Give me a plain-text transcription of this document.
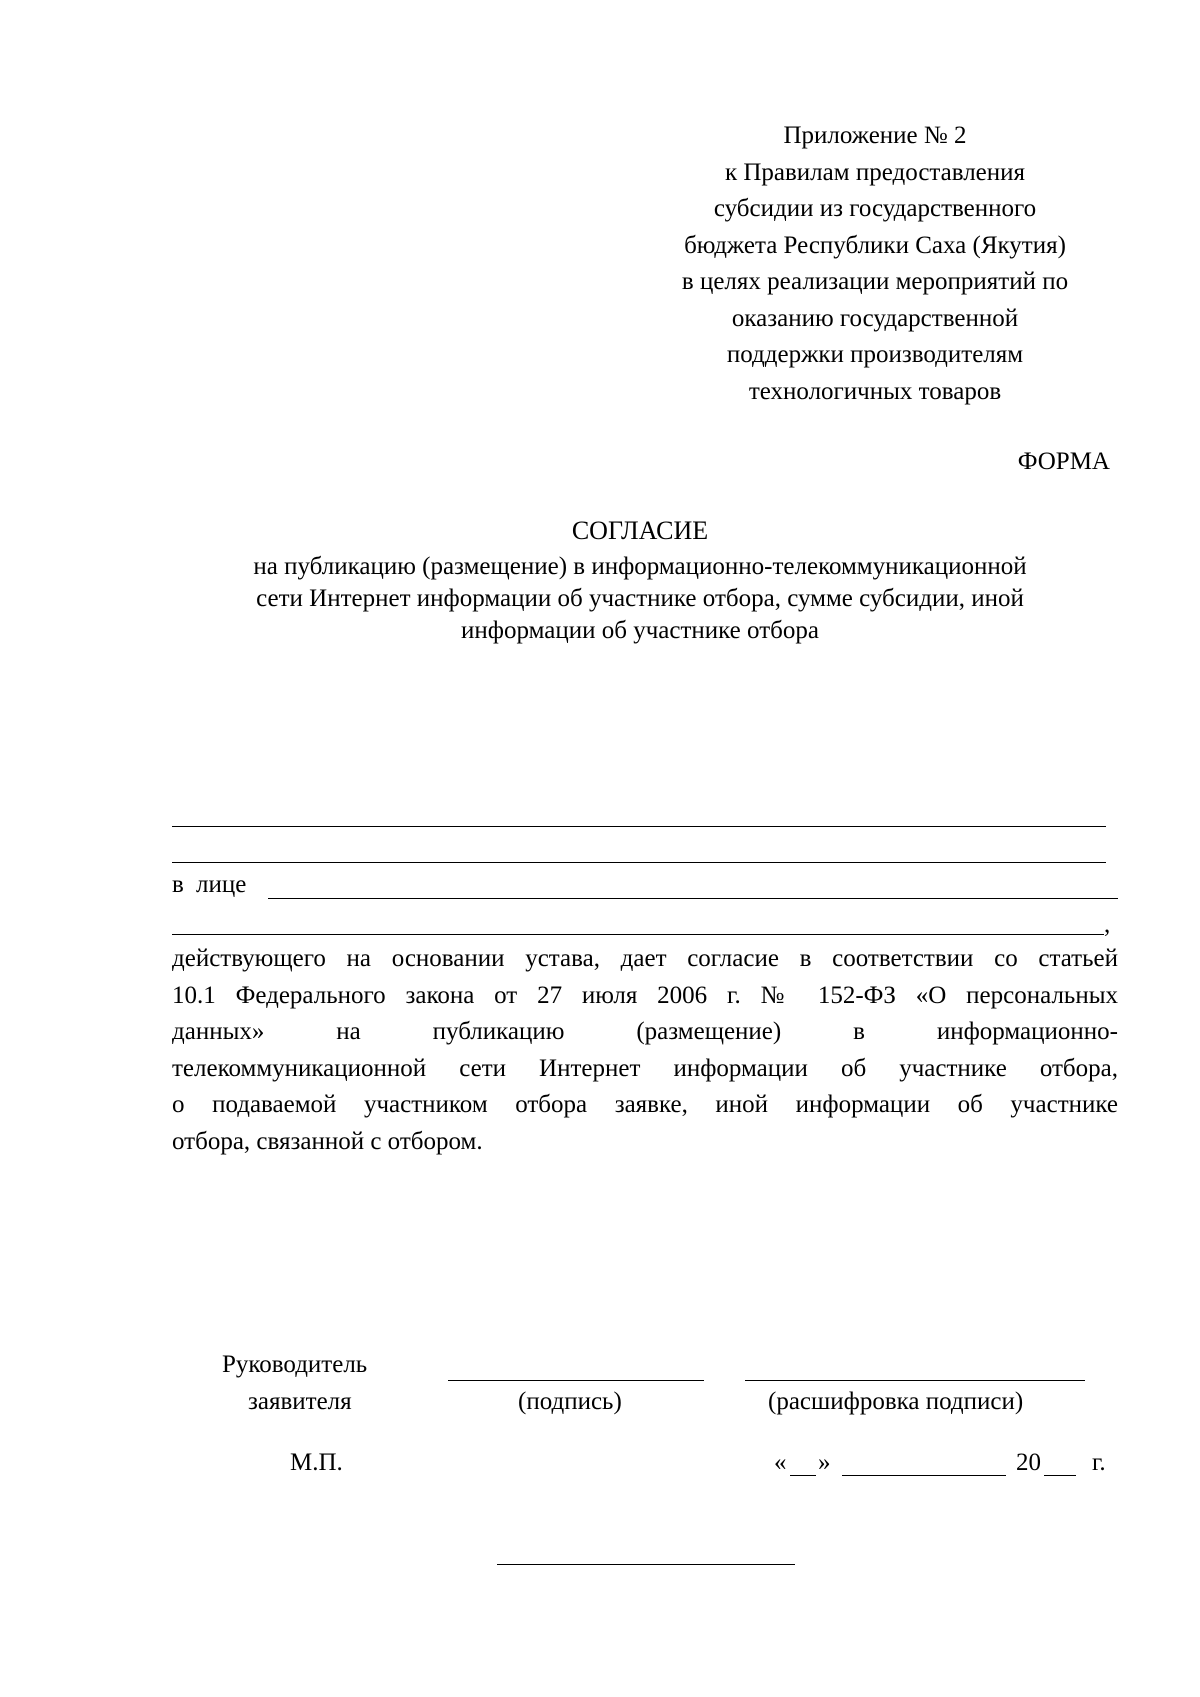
Приложение № 2
к Правилам предоставления
субсидии из государственного
бюджета Республики Саха (Якутия)
в целях реализации мероприятий по
оказанию государственной
поддержки производителям
технологичных товаров
ФОРМА
СОГЛАСИЕ
на публикацию (размещение) в информационно-телекоммуникационной
сети Интернет информации об участнике отбора, сумме субсидии, иной
информации об участнике отбора
в лице
,
действующего на основании устава, дает согласие в соответствии со статьей
10.1 Федерального закона от 27 июля 2006 г. № 152-ФЗ «О персональных
данных» на публикацию (размещение) в информационно-
телекоммуникационной сети Интернет информации об участнике отбора,
о подаваемой участником отбора заявке, иной информации об участнике
отбора, связанной с отбором.
Руководитель
заявителя	(подпись)	(расшифровка подписи)
М.П.	« »	20 г.
